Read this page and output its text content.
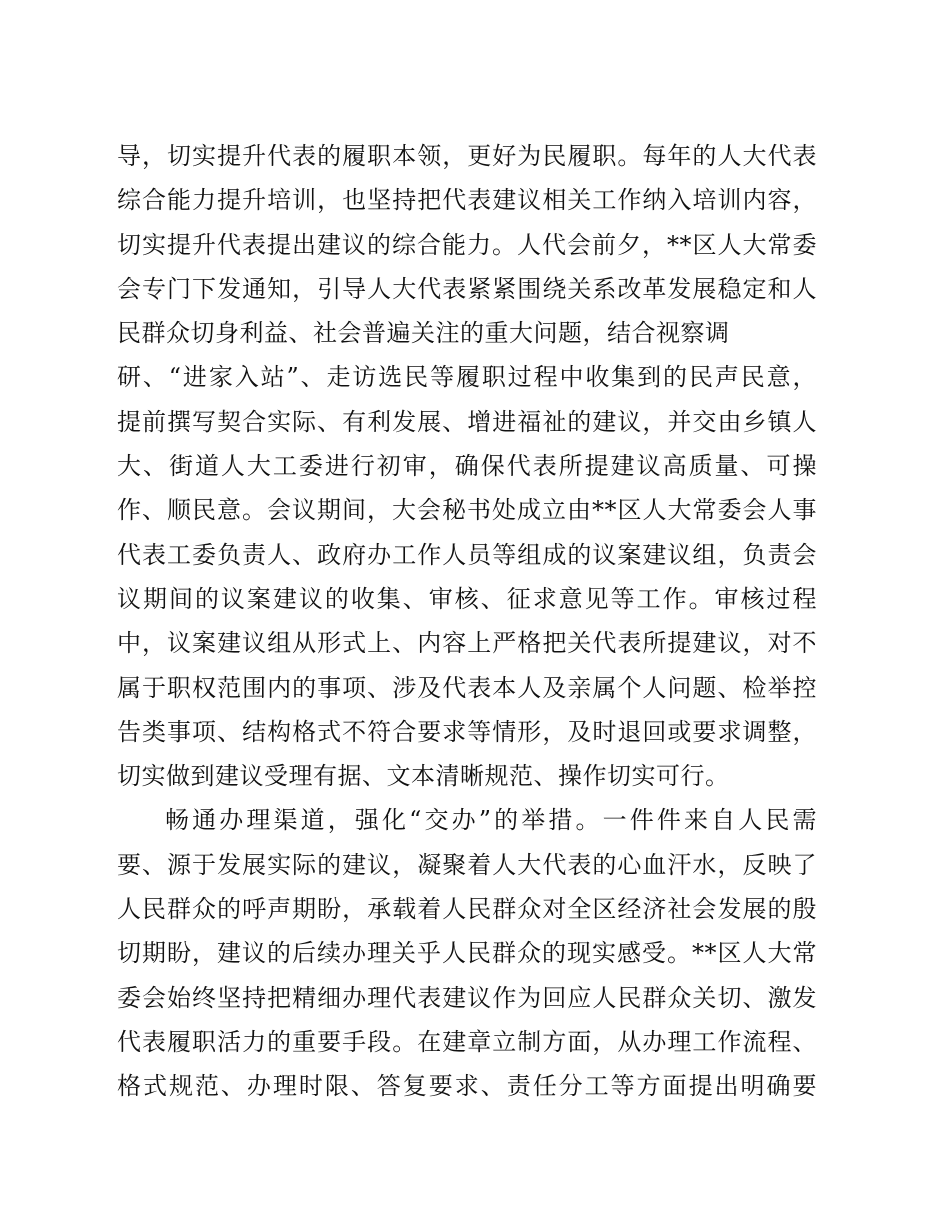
导，切实提升代表的履职本领，更好为民履职。每年的人大代表
综合能力提升培训，也坚持把代表建议相关工作纳入培训内容，
切实提升代表提出建议的综合能力。人代会前夕，**区人大常委
会专门下发通知，引导人大代表紧紧围绕关系改革发展稳定和人
民群众切身利益、社会普遍关注的重大问题，结合视察调
研、“进家入站”、走访选民等履职过程中收集到的民声民意，
提前撰写契合实际、有利发展、增进福祉的建议，并交由乡镇人
大、街道人大工委进行初审，确保代表所提建议高质量、可操
作、顺民意。会议期间，大会秘书处成立由**区人大常委会人事
代表工委负责人、政府办工作人员等组成的议案建议组，负责会
议期间的议案建议的收集、审核、征求意见等工作。审核过程
中，议案建议组从形式上、内容上严格把关代表所提建议，对不
属于职权范围内的事项、涉及代表本人及亲属个人问题、检举控
告类事项、结构格式不符合要求等情形，及时退回或要求调整，
切实做到建议受理有据、文本清晰规范、操作切实可行。
畅通办理渠道，强化“交办”的举措。一件件来自人民需
要、源于发展实际的建议，凝聚着人大代表的心血汗水，反映了
人民群众的呼声期盼，承载着人民群众对全区经济社会发展的殷
切期盼，建议的后续办理关乎人民群众的现实感受。**区人大常
委会始终坚持把精细办理代表建议作为回应人民群众关切、激发
代表履职活力的重要手段。在建章立制方面，从办理工作流程、
格式规范、办理时限、答复要求、责任分工等方面提出明确要
